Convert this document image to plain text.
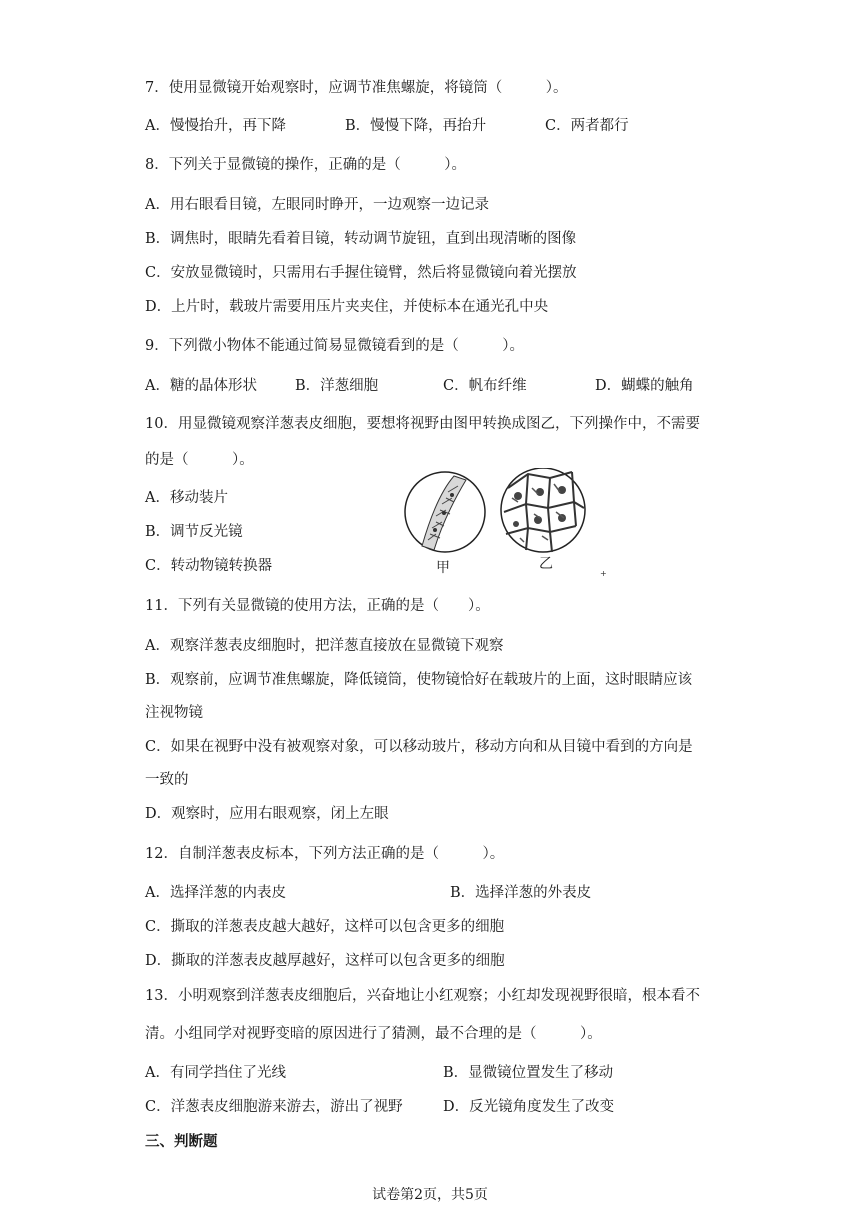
7．使用显微镜开始观察时，应调节准焦螺旋，将镜筒（　　　）。
A．慢慢抬升，再下降	B．慢慢下降，再抬升	C．两者都行
8．下列关于显微镜的操作，正确的是（　　　）。
A．用右眼看目镜，左眼同时睁开，一边观察一边记录
B．调焦时，眼睛先看着目镜，转动调节旋钮，直到出现清晰的图像
C．安放显微镜时，只需用右手握住镜臂，然后将显微镜向着光摆放
D．上片时，载玻片需要用压片夹夹住，并使标本在通光孔中央
9．下列微小物体不能通过简易显微镜看到的是（　　　）。
A．糖的晶体形状	B．洋葱细胞	C．帆布纤维	D．蝴蝶的触角
10．用显微镜观察洋葱表皮细胞，要想将视野由图甲转换成图乙，下列操作中，不需要
的是（　　　）。
A．移动装片
B．调节反光镜
C．转动物镜转换器	甲	乙
+
11．下列有关显微镜的使用方法，正确的是（　　）。
A．观察洋葱表皮细胞时，把洋葱直接放在显微镜下观察
B．观察前，应调节准焦螺旋，降低镜筒，使物镜恰好在载玻片的上面，这时眼睛应该
注视物镜
C．如果在视野中没有被观察对象，可以移动玻片，移动方向和从目镜中看到的方向是
一致的
D．观察时，应用右眼观察，闭上左眼
12．自制洋葱表皮标本，下列方法正确的是（　　　）。
A．选择洋葱的内表皮	B．选择洋葱的外表皮
C．撕取的洋葱表皮越大越好，这样可以包含更多的细胞
D．撕取的洋葱表皮越厚越好，这样可以包含更多的细胞
13．小明观察到洋葱表皮细胞后，兴奋地让小红观察；小红却发现视野很暗，根本看不
清。小组同学对视野变暗的原因进行了猜测，最不合理的是（　　　）。
A．有同学挡住了光线	B．显微镜位置发生了移动
C．洋葱表皮细胞游来游去，游出了视野	D．反光镜角度发生了改变
三、判断题
试卷第2页，共5页
